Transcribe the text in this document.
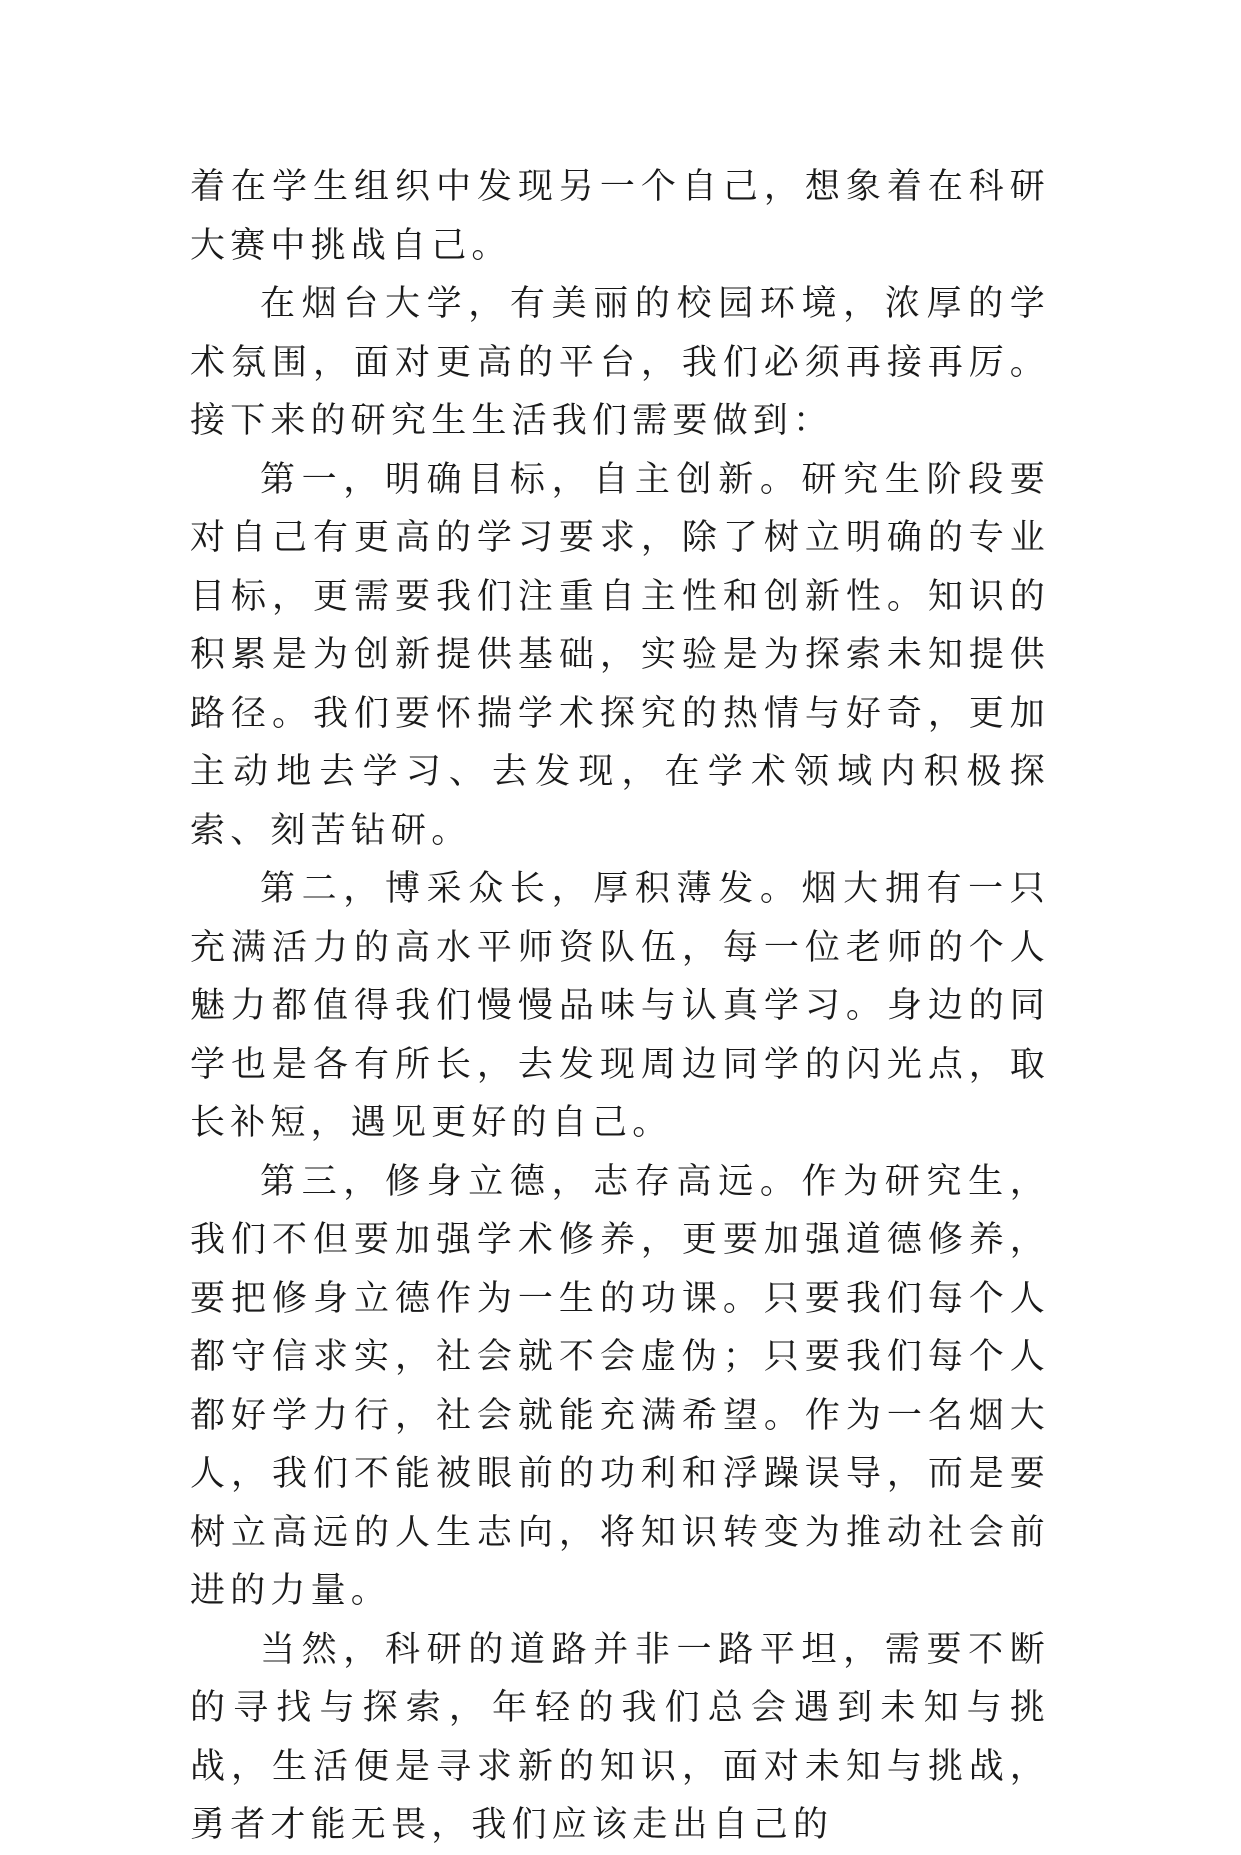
着在学生组织中发现另一个自己，想象着在科研大赛中挑战自己。

在烟台大学，有美丽的校园环境，浓厚的学术氛围，面对更高的平台，我们必须再接再厉。接下来的研究生生活我们需要做到：

第一，明确目标，自主创新。研究生阶段要对自己有更高的学习要求，除了树立明确的专业目标，更需要我们注重自主性和创新性。知识的积累是为创新提供基础，实验是为探索未知提供路径。我们要怀揣学术探究的热情与好奇，更加主动地去学习、去发现，在学术领域内积极探索、刻苦钻研。

第二，博采众长，厚积薄发。烟大拥有一只充满活力的高水平师资队伍，每一位老师的个人魅力都值得我们慢慢品味与认真学习。身边的同学也是各有所长，去发现周边同学的闪光点，取长补短，遇见更好的自己。

第三，修身立德，志存高远。作为研究生，我们不但要加强学术修养，更要加强道德修养，要把修身立德作为一生的功课。只要我们每个人都守信求实，社会就不会虚伪；只要我们每个人都好学力行，社会就能充满希望。作为一名烟大人，我们不能被眼前的功利和浮躁误导，而是要树立高远的人生志向，将知识转变为推动社会前进的力量。

当然，科研的道路并非一路平坦，需要不断的寻找与探索，年轻的我们总会遇到未知与挑战，生活便是寻求新的知识，面对未知与挑战，勇者才能无畏，我们应该走出自己的
